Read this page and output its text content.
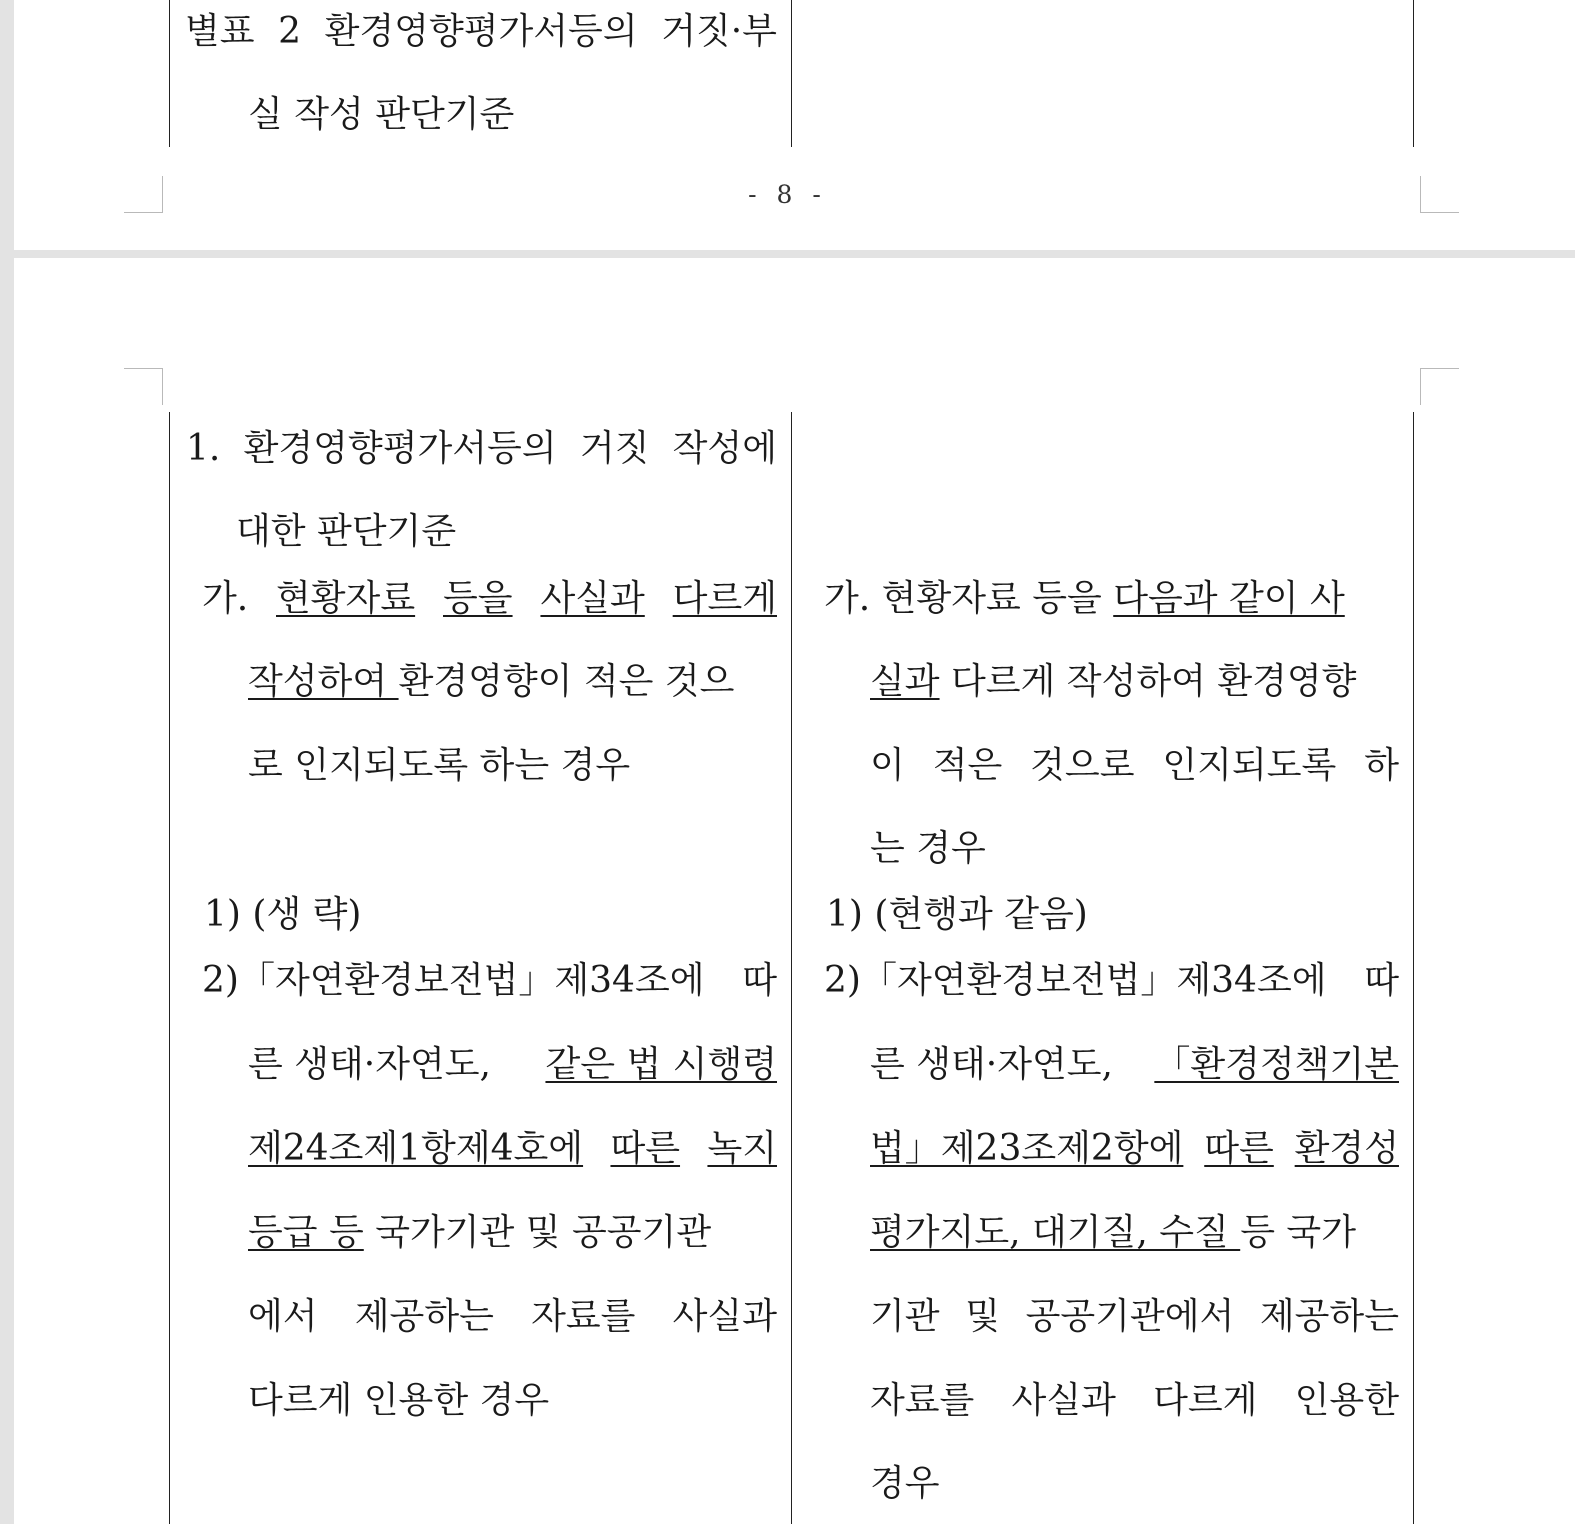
별표 2 환경영향평가서등의 거짓·부
실 작성 판단기준
- 8 -
1. 환경영향평가서등의 거짓 작성에
대한 판단기준
가. 현황자료 등을 사실과 다르게
작성하여 환경영향이 적은 것으
로 인지되도록 하는 경우
1) (생 략)
2)「자연환경보전법」제34조에 따
른 생태·자연도, 같은 법 시행령
제24조제1항제4호에 따른 녹지
등급 등 국가기관 및 공공기관
에서 제공하는 자료를 사실과
다르게 인용한 경우
가. 현황자료 등을 다음과 같이 사
실과 다르게 작성하여 환경영향
이 적은 것으로 인지되도록 하
는 경우
1) (현행과 같음)
2)「자연환경보전법」제34조에 따
른 생태·자연도, 「환경정책기본
법」제23조제2항에 따른 환경성
평가지도, 대기질, 수질 등 국가
기관 및 공공기관에서 제공하는
자료를 사실과 다르게 인용한
경우
